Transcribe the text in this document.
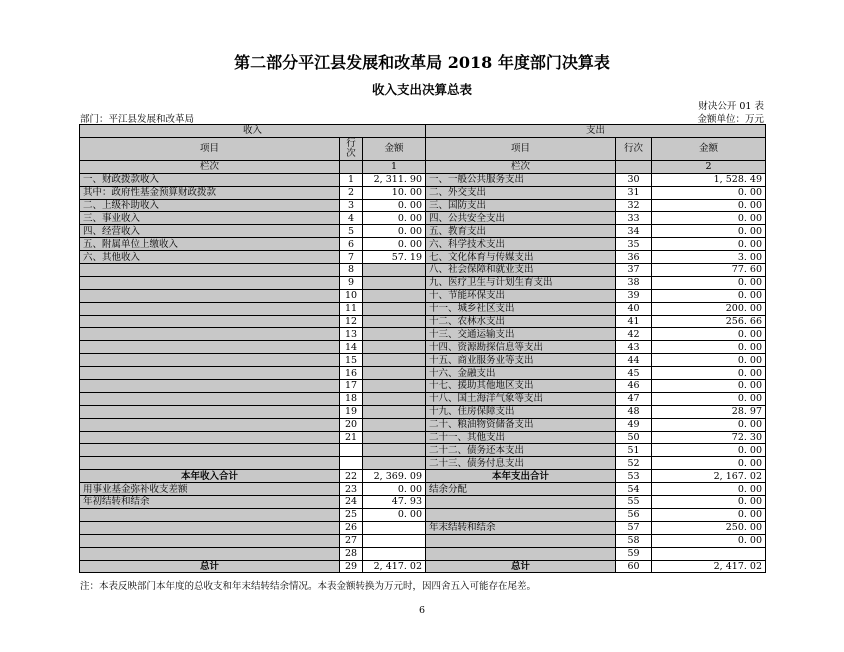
第二部分平江县发展和改革局 2018 年度部门决算表
收入支出决算总表
财决公开 01 表
部门：平江县发展和改革局	金额单位：万元
收入			支出		
项目	行次	金额	项目	行次	金额
栏次		1	栏次		2
一、财政拨款收入	1	2, 311. 90	一、一般公共服务支出	30	1, 528. 49
其中：政府性基金预算财政拨款	2	10. 00	二、外交支出	31	0. 00
二、上级补助收入	3	0. 00	三、国防支出	32	0. 00
三、事业收入	4	0. 00	四、公共安全支出	33	0. 00
四、经营收入	5	0. 00	五、教育支出	34	0. 00
五、附属单位上缴收入	6	0. 00	六、科学技术支出	35	0. 00
六、其他收入	7	57. 19	七、文化体育与传媒支出	36	3. 00
	8		八、社会保障和就业支出	37	77. 60
	9		九、医疗卫生与计划生育支出	38	0. 00
	10		十、节能环保支出	39	0. 00
	11		十一、城乡社区支出	40	200. 00
	12		十二、农林水支出	41	256. 66
	13		十三、交通运输支出	42	0. 00
	14		十四、资源勘探信息等支出	43	0. 00
	15		十五、商业服务业等支出	44	0. 00
	16		十六、金融支出	45	0. 00
	17		十七、援助其他地区支出	46	0. 00
	18		十八、国土海洋气象等支出	47	0. 00
	19		十九、住房保障支出	48	28. 97
	20		二十、粮油物资储备支出	49	0. 00
	21		二十一、其他支出	50	72. 30
			二十二、债务还本支出	51	0. 00
			二十三、债务付息支出	52	0. 00
本年收入合计	22	2, 369. 09	本年支出合计	53	2, 167. 02
用事业基金弥补收支差额	23	0. 00	结余分配	54	0. 00
年初结转和结余	24	47. 93		55	0. 00
	25	0. 00		56	0. 00
	26		年末结转和结余	57	250. 00
	27			58	0. 00
	28			59	
总计	29	2, 417. 02	总计	60	2, 417. 02
注：本表反映部门本年度的总收支和年末结转结余情况。本表金额转换为万元时，因四舍五入可能存在尾差。
6
